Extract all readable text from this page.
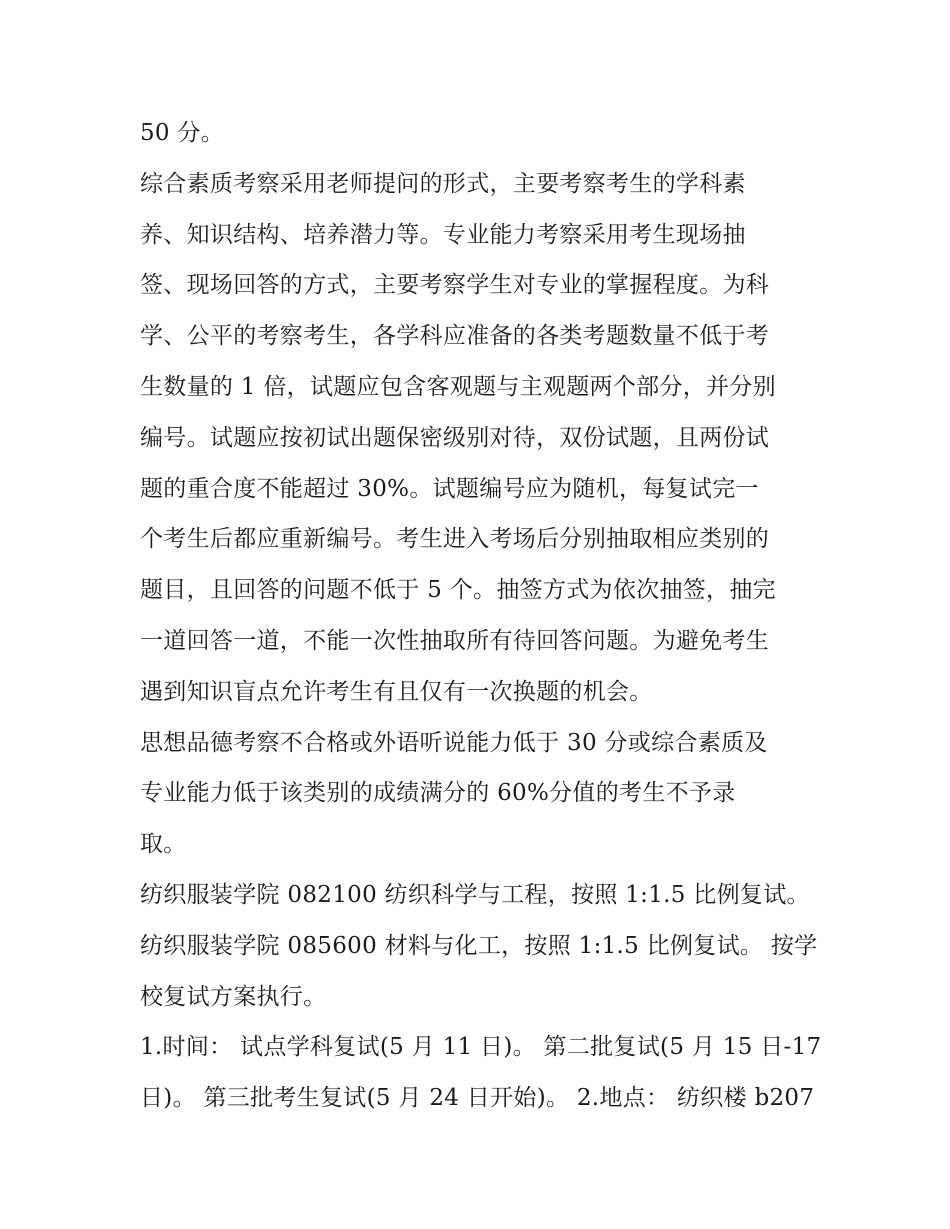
50 分。
综合素质考察采用老师提问的形式，主要考察考生的学科素
养、知识结构、培养潜力等。专业能力考察采用考生现场抽
签、现场回答的方式，主要考察学生对专业的掌握程度。为科
学、公平的考察考生，各学科应准备的各类考题数量不低于考
生数量的 1 倍，试题应包含客观题与主观题两个部分，并分别
编号。试题应按初试出题保密级别对待，双份试题，且两份试
题的重合度不能超过 30%。试题编号应为随机，每复试完一
个考生后都应重新编号。考生进入考场后分别抽取相应类别的
题目，且回答的问题不低于 5 个。抽签方式为依次抽签，抽完
一道回答一道，不能一次性抽取所有待回答问题。为避免考生
遇到知识盲点允许考生有且仅有一次换题的机会。
思想品德考察不合格或外语听说能力低于 30 分或综合素质及
专业能力低于该类别的成绩满分的 60%分值的考生不予录
取。
纺织服装学院 082100 纺织科学与工程，按照 1:1.5 比例复试。
纺织服装学院 085600 材料与化工，按照 1:1.5 比例复试。 按学
校复试方案执行。
1.时间： 试点学科复试(5 月 11 日)。 第二批复试(5 月 15 日-17
日)。 第三批考生复试(5 月 24 日开始)。 2.地点： 纺织楼 b207
